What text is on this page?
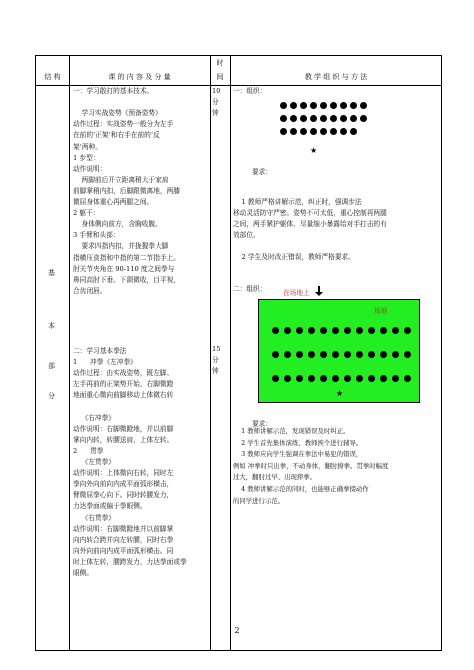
结 构	课 的 内 容 及 分 量
时
间	教 学 组 织 与 方 法
基
本
部
分
10
分
钟
一：学习散打的基本技术。
学习实战姿势《预备姿势》
动作过程：实战姿势一般分为左手
在前的‘正架’和右手在前的‘反
架’两种。
1 步型：
动作说明：
两脚前后开立距离稍大于家肩
前脚掌稍内扣，后脚跟微离地，两膝
微屈身体重心再两腿之间。
2 躯干：
身体侧向前方，含胸收腹。
3 手臂和头部：
要求四指内扣，并拢握拳大脚
指横压食指和中指的第二节指手上。
肘关节夹角在 90-110 度之间拳与
鼻同高肘下垂。下颌微收，目平视，
合齿闭唇。
一：组织：
★
要求：
1 教师严格讲解示范，纠正时，强调步法
移动灵活防守严密。姿势不可太低，重心控制再两腿
之间，两手紧护躯体，尽量缩小暴露给对手打击的有
效部位。
2 学生及时改正错误，教师严格要求。
15
分
钟
二：学习基本拳法
1      冲拳《左冲拳》
动作过程：由实战姿势，既左脚、
左手再前的正架势开始，右脚微蹬
地面重心微向前脚移动上体微右转
《右冲拳》
动作说明：右脚微蹬地，并以前脚
掌向内转，转腰送肩，上体左转。
2      贯拳
《左贯拳》
动作说明：上体微向右转，同时左
拳向外向前向内成平面弧形横击，
臂微屈拳心向下。同时转腰发力，
力达拳面或偏于拳眼侧。
《右贯拳》
动作说明：右脚微蹬地并以前脚掌
向内转合跨并向左转腰，同时右拳
向外向前向内成平面弧形横击。同
时上体左转，腰跨发力，力达拳面或拳
眼侧。
二：组织： 在场地上
场地
★
要求：
1 教师讲解示范，发现错误及时纠正。
2 学生首先集体演练，教师挨个进行辅导。
3 教师应向学生强调在拳法中易犯的错误，
例如 冲拳时只出拳，不动身体，翻肘撩拳。贯拳时幅度
过大，翻肘过早、出现摔拳。
4 教师讲解示范的同时，也能够正确拳掇动作
的同学进行示范。
2
